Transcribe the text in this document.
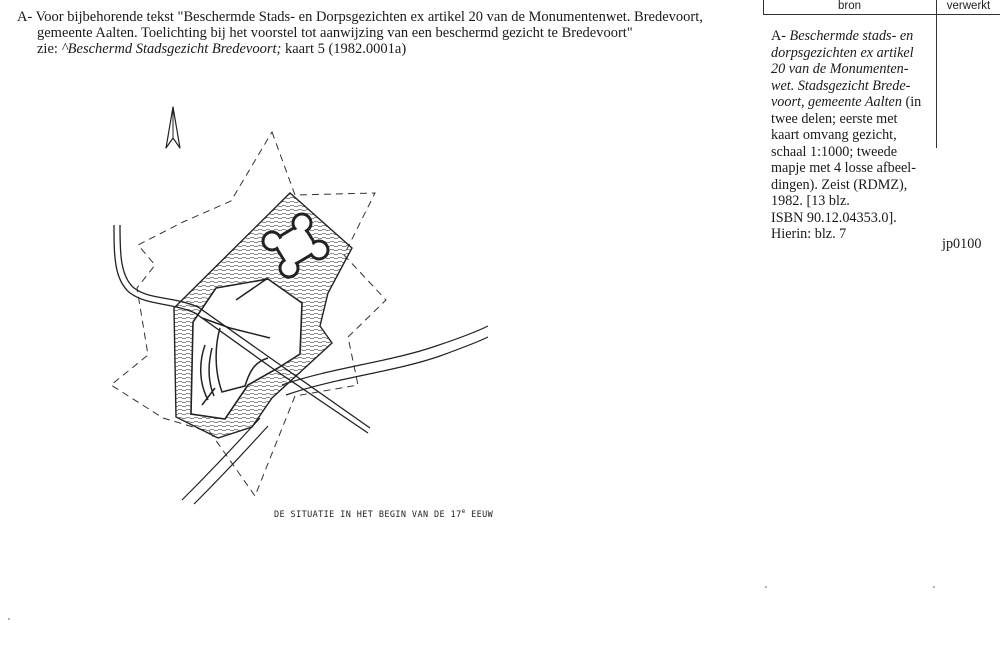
A- Voor bijbehorende tekst "Beschermde Stads- en Dorpsgezichten ex artikel 20 van de Monumentenwet. Bredevoort,
gemeente Aalten. Toelichting bij het voorstel tot aanwijzing van een beschermd gezicht te Bredevoort"
zie: ^Beschermd Stadsgezicht Bredevoort; kaart 5 (1982.0001a)
bron	verwerkt
A- Beschermde stads- en
dorpsgezichten ex artikel
20 van de Monumenten-
wet. Stadsgezicht Brede-
voort, gemeente Aalten (in
twee delen; eerste met
kaart omvang gezicht,
schaal 1:1000; tweede
mapje met 4 losse afbeel-
dingen). Zeist (RDMZ),
1982. [13 blz.
ISBN 90.12.04353.0].
Hierin: blz. 7
jp0100
DE SITUATIE IN HET BEGIN VAN DE 17e EEUW
